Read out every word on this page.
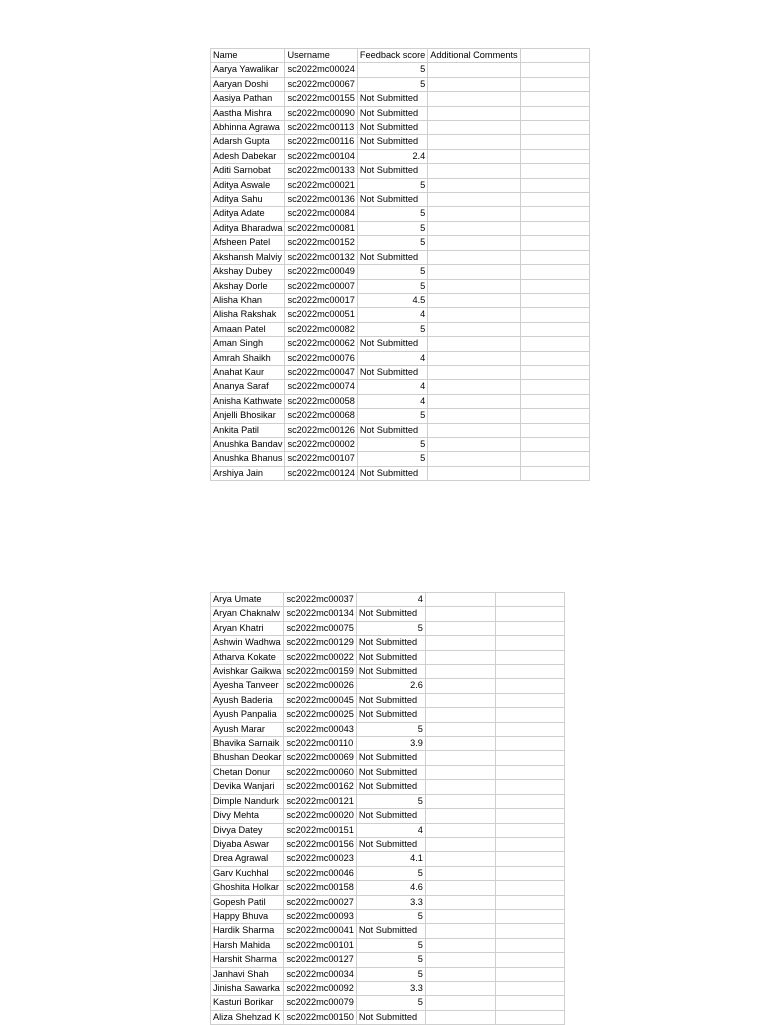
Name	Username	Feedback score	Additional Comments	
Aarya Yawalikar	sc2022mc00024	5		
Aaryan Doshi	sc2022mc00067	5		
Aasiya Pathan	sc2022mc00155	Not Submitted		
Aastha Mishra	sc2022mc00090	Not Submitted		
Abhinna Agrawa	sc2022mc00113	Not Submitted		
Adarsh Gupta	sc2022mc00116	Not Submitted		
Adesh Dabekar	sc2022mc00104	2.4		
Aditi Sarnobat	sc2022mc00133	Not Submitted		
Aditya Aswale	sc2022mc00021	5		
Aditya Sahu	sc2022mc00136	Not Submitted		
Aditya Adate	sc2022mc00084	5		
Aditya Bharadwa	sc2022mc00081	5		
Afsheen Patel	sc2022mc00152	5		
Akshansh Malviy	sc2022mc00132	Not Submitted		
Akshay Dubey	sc2022mc00049	5		
Akshay Dorle	sc2022mc00007	5		
Alisha Khan	sc2022mc00017	4.5		
Alisha Rakshak	sc2022mc00051	4		
Amaan Patel	sc2022mc00082	5		
Aman Singh	sc2022mc00062	Not Submitted		
Amrah Shaikh	sc2022mc00076	4		
Anahat Kaur	sc2022mc00047	Not Submitted		
Ananya Saraf	sc2022mc00074	4		
Anisha Kathwate	sc2022mc00058	4		
Anjelli Bhosikar	sc2022mc00068	5		
Ankita Patil	sc2022mc00126	Not Submitted		
Anushka Bandav	sc2022mc00002	5		
Anushka Bhanus	sc2022mc00107	5		
Arshiya Jain	sc2022mc00124	Not Submitted		
Arya Umate	sc2022mc00037	4		
Aryan Chaknalw	sc2022mc00134	Not Submitted		
Aryan Khatri	sc2022mc00075	5		
Ashwin Wadhwa	sc2022mc00129	Not Submitted		
Atharva Kokate	sc2022mc00022	Not Submitted		
Avishkar Gaikwa	sc2022mc00159	Not Submitted		
Ayesha Tanveer	sc2022mc00026	2.6		
Ayush Baderia	sc2022mc00045	Not Submitted		
Ayush Panpalia	sc2022mc00025	Not Submitted		
Ayush Marar	sc2022mc00043	5		
Bhavika Sarnaik	sc2022mc00110	3.9		
Bhushan Deokar	sc2022mc00069	Not Submitted		
Chetan Donur	sc2022mc00060	Not Submitted		
Devika Wanjari	sc2022mc00162	Not Submitted		
Dimple Nandurk	sc2022mc00121	5		
Divy Mehta	sc2022mc00020	Not Submitted		
Divya Datey	sc2022mc00151	4		
Diyaba Aswar	sc2022mc00156	Not Submitted		
Drea Agrawal	sc2022mc00023	4.1		
Garv Kuchhal	sc2022mc00046	5		
Ghoshita Holkar	sc2022mc00158	4.6		
Gopesh Patil	sc2022mc00027	3.3		
Happy Bhuva	sc2022mc00093	5		
Hardik Sharma	sc2022mc00041	Not Submitted		
Harsh Mahida	sc2022mc00101	5		
Harshit Sharma	sc2022mc00127	5		
Janhavi Shah	sc2022mc00034	5		
Jinisha Sawarka	sc2022mc00092	3.3		
Kasturi Borikar	sc2022mc00079	5		
Aliza Shehzad K	sc2022mc00150	Not Submitted		
